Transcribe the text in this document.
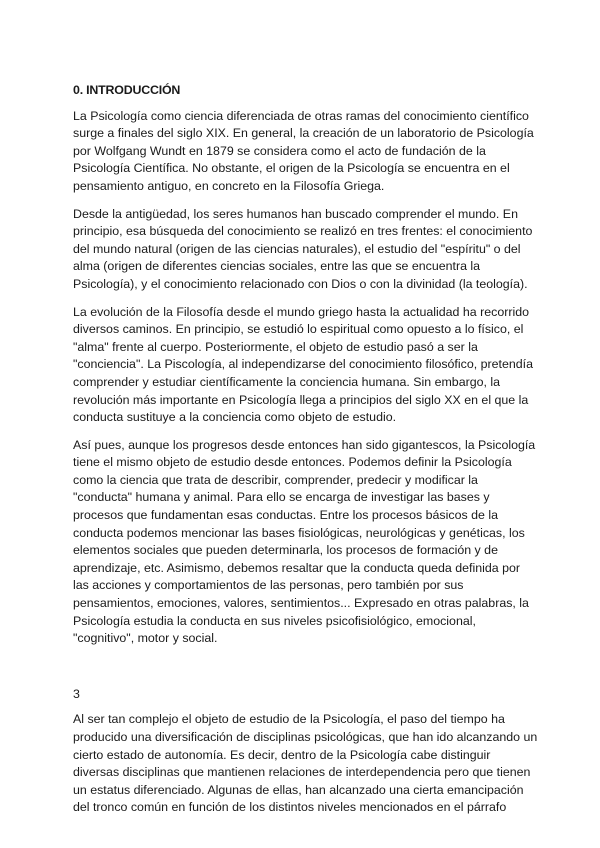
0. INTRODUCCIÓN

La Psicología como ciencia diferenciada de otras ramas del conocimiento científico
surge a finales del siglo XIX. En general, la creación de un laboratorio de Psicología
por Wolfgang Wundt en 1879 se considera como el acto de fundación de la
Psicología Científica. No obstante, el origen de la Psicología se encuentra en el
pensamiento antiguo, en concreto en la Filosofía Griega.

Desde la antigüedad, los seres humanos han buscado comprender el mundo. En
principio, esa búsqueda del conocimiento se realizó en tres frentes: el conocimiento
del mundo natural (origen de las ciencias naturales), el estudio del "espíritu" o del
alma (origen de diferentes ciencias sociales, entre las que se encuentra la
Psicología), y el conocimiento relacionado con Dios o con la divinidad (la teología).

La evolución de la Filosofía desde el mundo griego hasta la actualidad ha recorrido
diversos caminos. En principio, se estudió lo espiritual como opuesto a lo físico, el
"alma" frente al cuerpo. Posteriormente, el objeto de estudio pasó a ser la
"conciencia". La Piscología, al independizarse del conocimiento filosófico, pretendía
comprender y estudiar científicamente la conciencia humana. Sin embargo, la
revolución más importante en Psicología llega a principios del siglo XX en el que la
conducta sustituye a la conciencia como objeto de estudio.

Así pues, aunque los progresos desde entonces han sido gigantescos, la Psicología
tiene el mismo objeto de estudio desde entonces. Podemos definir la Psicología
como la ciencia que trata de describir, comprender, predecir y modificar la
"conducta" humana y animal. Para ello se encarga de investigar las bases y
procesos que fundamentan esas conductas. Entre los procesos básicos de la
conducta podemos mencionar las bases fisiológicas, neurológicas y genéticas, los
elementos sociales que pueden determinarla, los procesos de formación y de
aprendizaje, etc. Asimismo, debemos resaltar que la conducta queda definida por
las acciones y comportamientos de las personas, pero también por sus
pensamientos, emociones, valores, sentimientos... Expresado en otras palabras, la
Psicología estudia la conducta en sus niveles psicofisiológico, emocional,
"cognitivo", motor y social.

3

Al ser tan complejo el objeto de estudio de la Psicología, el paso del tiempo ha
producido una diversificación de disciplinas psicológicas, que han ido alcanzando un
cierto estado de autonomía. Es decir, dentro de la Psicología cabe distinguir
diversas disciplinas que mantienen relaciones de interdependencia pero que tienen
un estatus diferenciado. Algunas de ellas, han alcanzado una cierta emancipación
del tronco común en función de los distintos niveles mencionados en el párrafo
